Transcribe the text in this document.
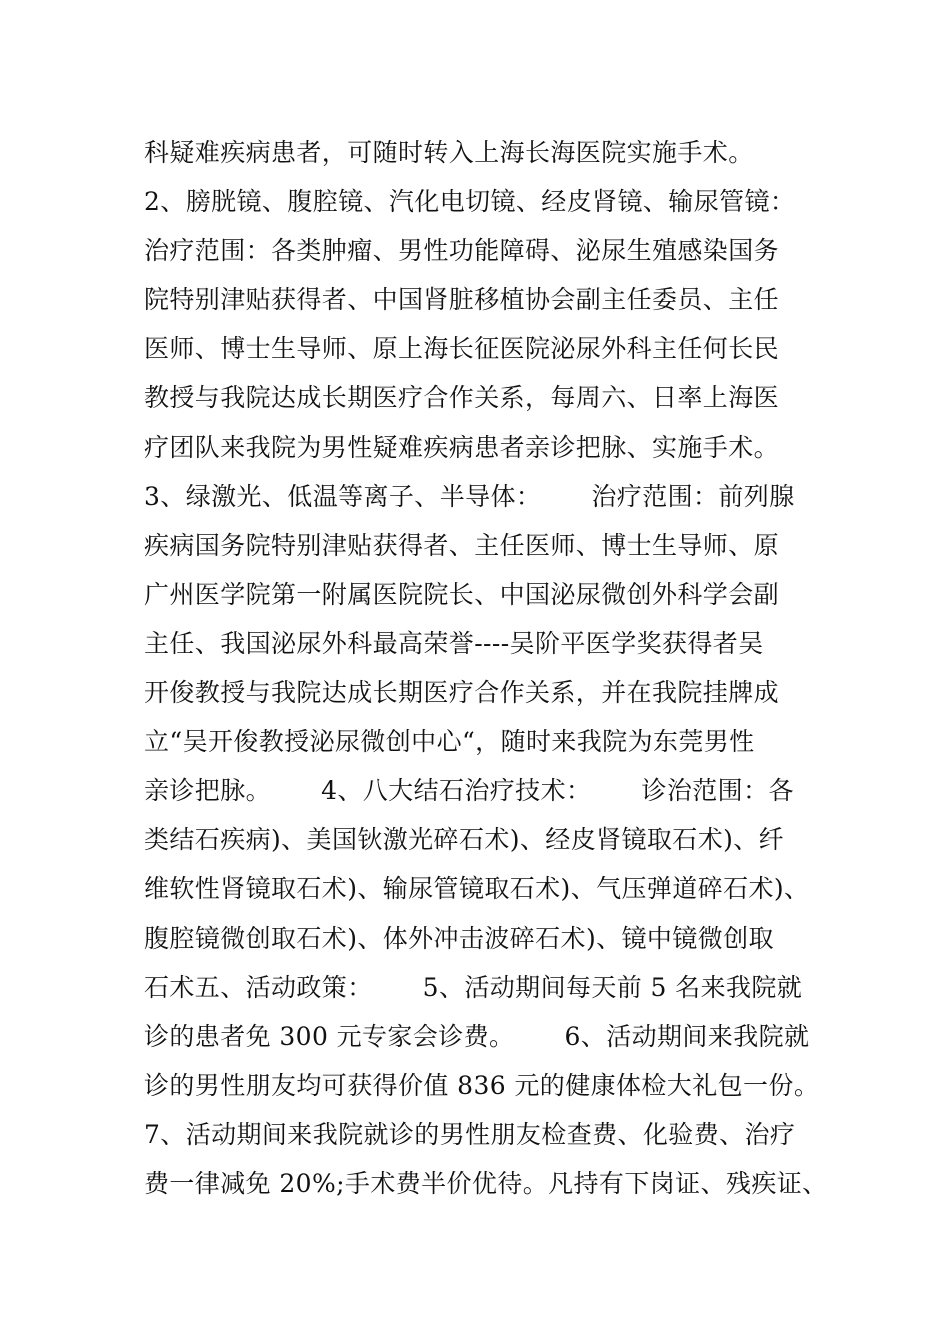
科疑难疾病患者，可随时转入上海长海医院实施手术。
2、膀胱镜、腹腔镜、汽化电切镜、经皮肾镜、输尿管镜：
治疗范围：各类肿瘤、男性功能障碍、泌尿生殖感染国务
院特别津贴获得者、中国肾脏移植协会副主任委员、主任
医师、博士生导师、原上海长征医院泌尿外科主任何长民
教授与我院达成长期医疗合作关系，每周六、日率上海医
疗团队来我院为男性疑难疾病患者亲诊把脉、实施手术。
3、绿激光、低温等离子、半导体：      治疗范围：前列腺
疾病国务院特别津贴获得者、主任医师、博士生导师、原
广州医学院第一附属医院院长、中国泌尿微创外科学会副
主任、我国泌尿外科最高荣誉----吴阶平医学奖获得者吴
开俊教授与我院达成长期医疗合作关系，并在我院挂牌成
立“吴开俊教授泌尿微创中心“，随时来我院为东莞男性
亲诊把脉。      4、八大结石治疗技术：      诊治范围：各
类结石疾病)、美国钬激光碎石术)、经皮肾镜取石术)、纤
维软性肾镜取石术)、输尿管镜取石术)、气压弹道碎石术)、
腹腔镜微创取石术)、体外冲击波碎石术)、镜中镜微创取
石术五、活动政策：      5、活动期间每天前 5 名来我院就
诊的患者免 300 元专家会诊费。      6、活动期间来我院就
诊的男性朋友均可获得价值 836 元的健康体检大礼包一份。
7、活动期间来我院就诊的男性朋友检查费、化验费、治疗
费一律减免 20%;手术费半价优待。凡持有下岗证、残疾证、
